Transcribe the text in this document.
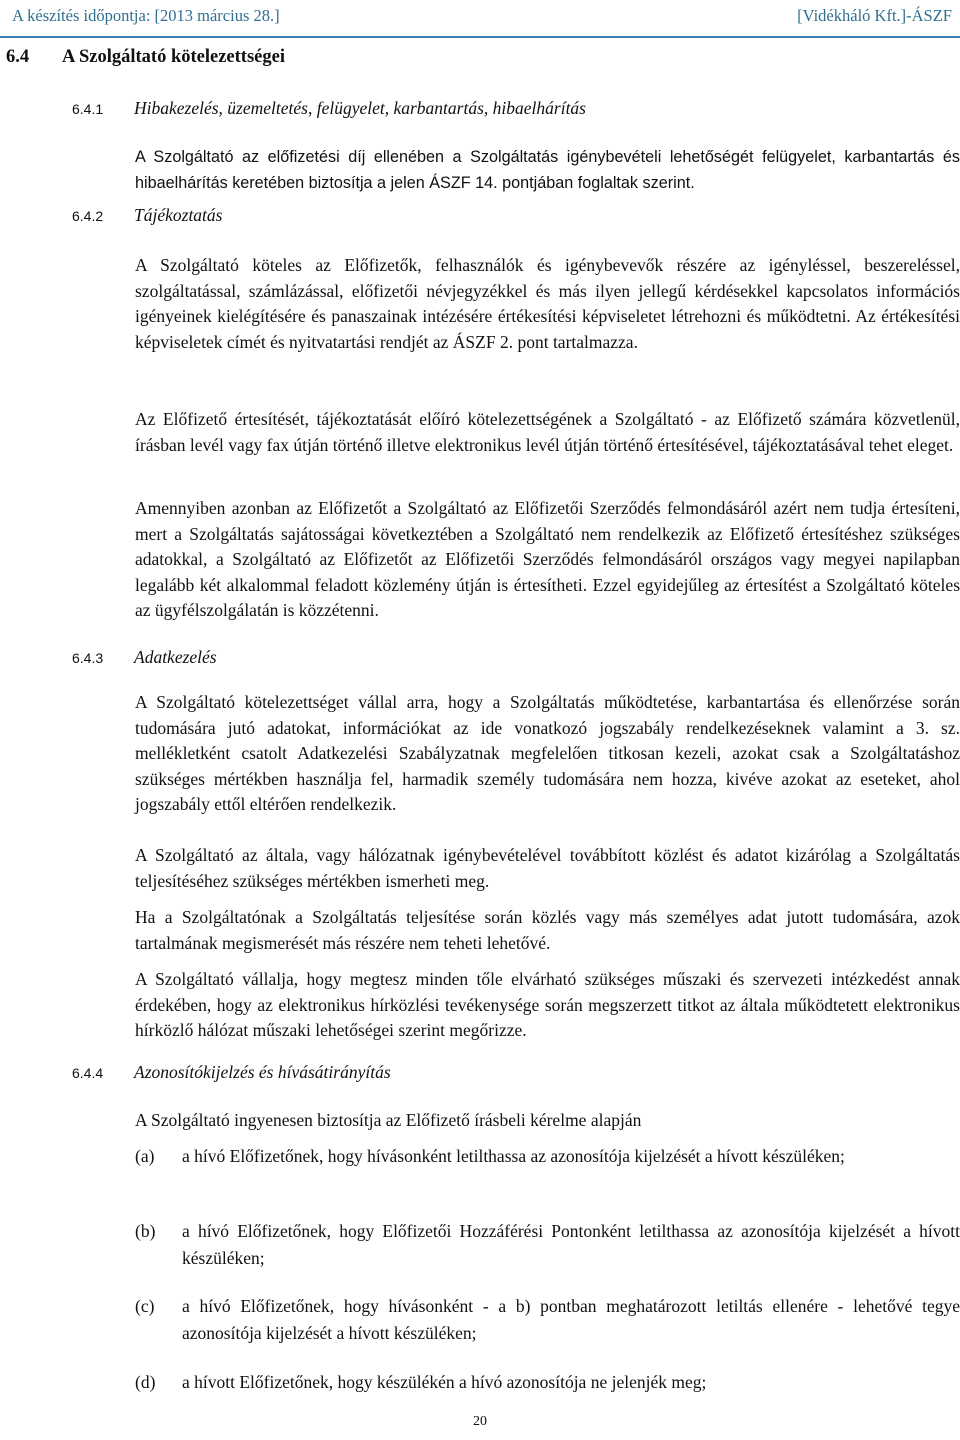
A készítés időpontja: [2013 március 28.]	[Vidékháló Kft.]-ÁSZF
6.4 A Szolgáltató kötelezettségei
6.4.1 Hibakezelés, üzemeltetés, felügyelet, karbantartás, hibaelhárítás

A Szolgáltató az előfizetési díj ellenében a Szolgáltatás igénybevételi lehetőségét felügyelet, karbantartás és hibaelhárítás keretében biztosítja a jelen ÁSZF 14. pontjában foglaltak szerint.

6.4.2 Tájékoztatás

A Szolgáltató köteles az Előfizetők, felhasználók és igénybevevők részére az igényléssel, beszereléssel, szolgáltatással, számlázással, előfizetői névjegyzékkel és más ilyen jellegű kérdésekkel kapcsolatos információs igényeinek kielégítésére és panaszainak intézésére értékesítési képviseletet létrehozni és működtetni. Az értékesítési képviseletek címét és nyitvatartási rendjét az ÁSZF 2. pont tartalmazza.

Az Előfizető értesítését, tájékoztatását előíró kötelezettségének a Szolgáltató - az Előfizető számára közvetlenül, írásban levél vagy fax útján történő illetve elektronikus levél útján történő értesítésével, tájékoztatásával tehet eleget.

Amennyiben azonban az Előfizetőt a Szolgáltató az Előfizetői Szerződés felmondásáról azért nem tudja értesíteni, mert a Szolgáltatás sajátosságai következtében a Szolgáltató nem rendelkezik az Előfizető értesítéshez szükséges adatokkal, a Szolgáltató az Előfizetőt az Előfizetői Szerződés felmondásáról országos vagy megyei napilapban legalább két alkalommal feladott közlemény útján is értesítheti. Ezzel egyidejűleg az értesítést a Szolgáltató köteles az ügyfélszolgálatán is közzétenni.

6.4.3 Adatkezelés

A Szolgáltató kötelezettséget vállal arra, hogy a Szolgáltatás működtetése, karbantartása és ellenőrzése során tudomására jutó adatokat, információkat az ide vonatkozó jogszabály rendelkezéseknek valamint a 3. sz. mellékletként csatolt Adatkezelési Szabályzatnak megfelelően titkosan kezeli, azokat csak a Szolgáltatáshoz szükséges mértékben használja fel, harmadik személy tudomására nem hozza, kivéve azokat az eseteket, ahol jogszabály ettől eltérően rendelkezik.

A Szolgáltató az általa, vagy hálózatnak igénybevételével továbbított közlést és adatot kizárólag a Szolgáltatás teljesítéséhez szükséges mértékben ismerheti meg.

Ha a Szolgáltatónak a Szolgáltatás teljesítése során közlés vagy más személyes adat jutott tudomására, azok tartalmának megismerését más részére nem teheti lehetővé.

A Szolgáltató vállalja, hogy megtesz minden tőle elvárható szükséges műszaki és szervezeti intézkedést annak érdekében, hogy az elektronikus hírközlési tevékenysége során megszerzett titkot az általa működtetett elektronikus hírközlő hálózat műszaki lehetőségei szerint megőrizze.

6.4.4 Azonosítókijelzés és hívásátirányítás

A Szolgáltató ingyenesen biztosítja az Előfizető írásbeli kérelme alapján

(a) a hívó Előfizetőnek, hogy hívásonként letilthassa az azonosítója kijelzését a hívott készüléken;
(b) a hívó Előfizetőnek, hogy Előfizetői Hozzáférési Pontonként letilthassa az azonosítója kijelzését a hívott készüléken;
(c) a hívó Előfizetőnek, hogy hívásonként - a b) pontban meghatározott letiltás ellenére - lehetővé tegye azonosítója kijelzését a hívott készüléken;
(d) a hívott Előfizetőnek, hogy készülékén a hívó azonosítója ne jelenjék meg;
20
